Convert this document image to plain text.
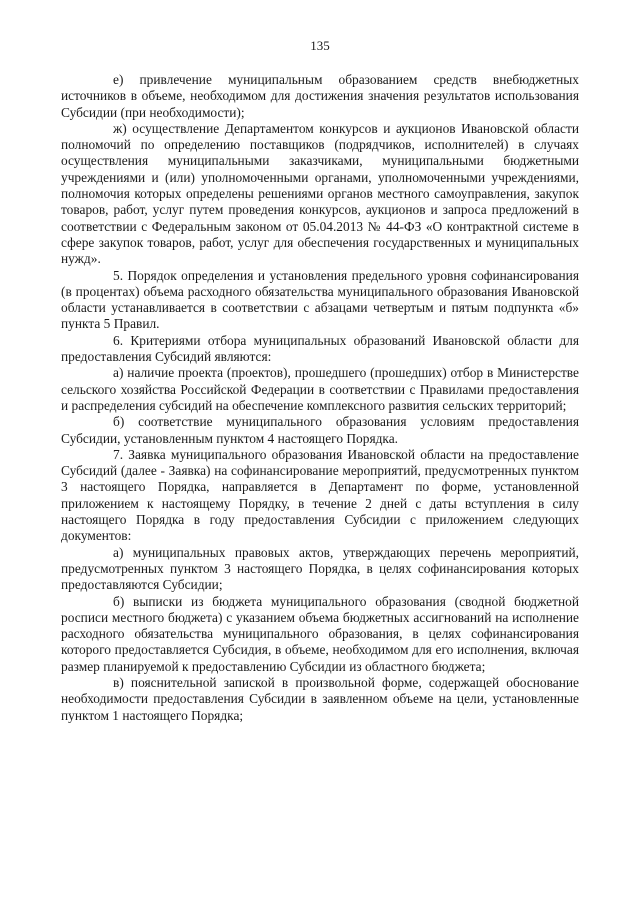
135

е) привлечение муниципальным образованием средств внебюджетных источников в объеме, необходимом для достижения значения результатов использования Субсидии (при необходимости);

ж) осуществление Департаментом конкурсов и аукционов Ивановской области полномочий по определению поставщиков (подрядчиков, исполнителей) в случаях осуществления муниципальными заказчиками, муниципальными бюджетными учреждениями и (или) уполномоченными органами, уполномоченными учреждениями, полномочия которых определены решениями органов местного самоуправления, закупок товаров, работ, услуг путем проведения конкурсов, аукционов и запроса предложений в соответствии с Федеральным законом от 05.04.2013 № 44-ФЗ «О контрактной системе в сфере закупок товаров, работ, услуг для обеспечения государственных и муниципальных нужд».

5. Порядок определения и установления предельного уровня софинансирования (в процентах) объема расходного обязательства муниципального образования Ивановской области устанавливается в соответствии с абзацами четвертым и пятым подпункта «б» пункта 5 Правил.

6. Критериями отбора муниципальных образований Ивановской области для предоставления Субсидий являются:

а) наличие проекта (проектов), прошедшего (прошедших) отбор в Министерстве сельского хозяйства Российской Федерации в соответствии с Правилами предоставления и распределения субсидий на обеспечение комплексного развития сельских территорий;

б) соответствие муниципального образования условиям предоставления Субсидии, установленным пунктом 4 настоящего Порядка.

7. Заявка муниципального образования Ивановской области на предоставление Субсидий (далее - Заявка) на софинансирование мероприятий, предусмотренных пунктом 3 настоящего Порядка, направляется в Департамент по форме, установленной приложением к настоящему Порядку, в течение 2 дней с даты вступления в силу настоящего Порядка в году предоставления Субсидии с приложением следующих документов:

а) муниципальных правовых актов, утверждающих перечень мероприятий, предусмотренных пунктом 3 настоящего Порядка, в целях софинансирования которых предоставляются Субсидии;

б) выписки из бюджета муниципального образования (сводной бюджетной росписи местного бюджета) с указанием объема бюджетных ассигнований на исполнение расходного обязательства муниципального образования, в целях софинансирования которого предоставляется Субсидия, в объеме, необходимом для его исполнения, включая размер планируемой к предоставлению Субсидии из областного бюджета;

в) пояснительной запиской в произвольной форме, содержащей обоснование необходимости предоставления Субсидии в заявленном объеме на цели, установленные пунктом 1 настоящего Порядка;
